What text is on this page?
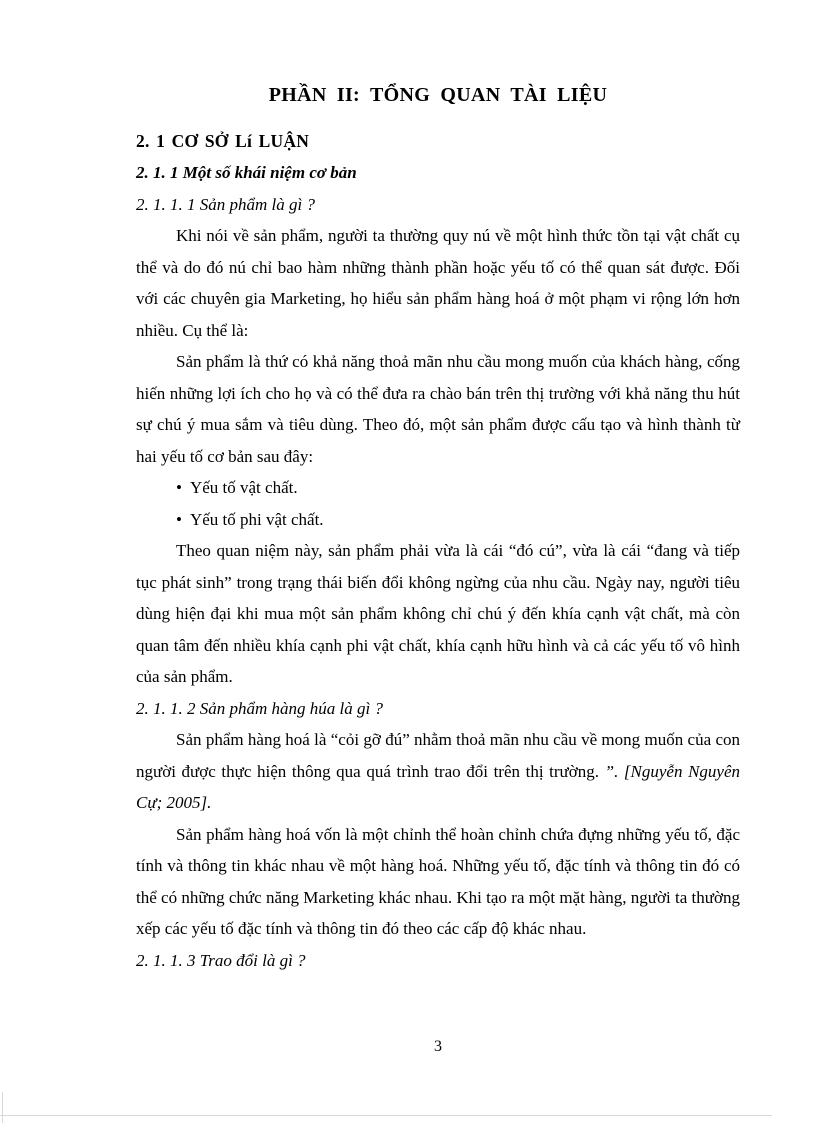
PHẦN II: TỔNG QUAN TÀI LIỆU
2. 1 CƠ SỞ Lí LUẬN
2. 1. 1 Một số khái niệm cơ bản
2. 1. 1. 1 Sản phẩm là gì ?

Khi nói về sản phẩm, người ta thường quy nú về một hình thức tồn tại vật chất cụ thể và do đó nú chỉ bao hàm những thành phần hoặc yếu tố có thể quan sát được. Đối với các chuyên gia Marketing, họ hiểu sản phẩm hàng hoá ở một phạm vi rộng lớn hơn nhiều. Cụ thể là:

Sản phẩm là thứ có khả năng thoả mãn nhu cầu mong muốn của khách hàng, cống hiến những lợi ích cho họ và có thể đưa ra chào bán trên thị trường với khả năng thu hút sự chú ý mua sắm và tiêu dùng. Theo đó, một sản phẩm được cấu tạo và hình thành từ hai yếu tố cơ bản sau đây:

• Yếu tố vật chất.

• Yếu tố phi vật chất.

Theo quan niệm này, sản phẩm phải vừa là cái “đó cú”, vừa là cái “đang và tiếp tục phát sinh” trong trạng thái biến đổi không ngừng của nhu cầu. Ngày nay, người tiêu dùng hiện đại khi mua một sản phẩm không chỉ chú ý đến khía cạnh vật chất, mà còn quan tâm đến nhiều khía cạnh phi vật chất, khía cạnh hữu hình và cả các yếu tố vô hình của sản phẩm.

2. 1. 1. 2 Sản phẩm hàng húa là gì ?

Sản phẩm hàng hoá là “cỏi gỡ đú” nhằm thoả mãn nhu cầu về mong muốn của con người được thực hiện thông qua quá trình trao đổi trên thị trường. ”. [Nguyễn Nguyên Cự; 2005].

Sản phẩm hàng hoá vốn là một chỉnh thể hoàn chỉnh chứa đựng những yếu tố, đặc tính và thông tin khác nhau về một hàng hoá. Những yếu tố, đặc tính và thông tin đó có thể có những chức năng Marketing khác nhau. Khi tạo ra một mặt hàng, người ta thường xếp các yếu tố đặc tính và thông tin đó theo các cấp độ khác nhau.

2. 1. 1. 3 Trao đổi là gì ?
3
